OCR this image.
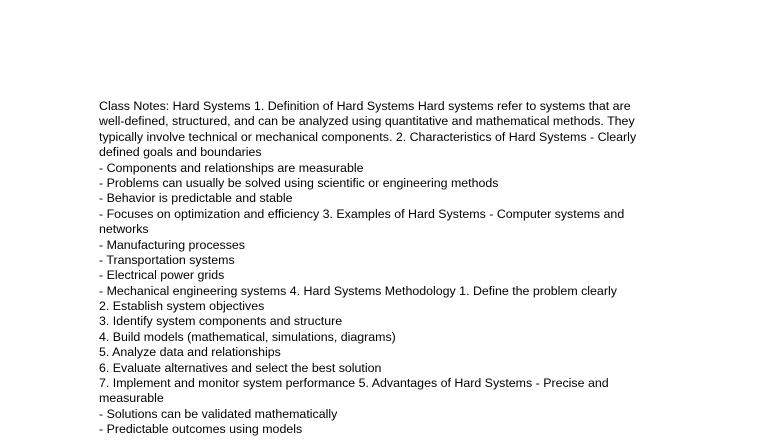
Class Notes: Hard Systems 1. Definition of Hard Systems Hard systems refer to systems that are
well-defined, structured, and can be analyzed using quantitative and mathematical methods. They
typically involve technical or mechanical components. 2. Characteristics of Hard Systems - Clearly
defined goals and boundaries
- Components and relationships are measurable
- Problems can usually be solved using scientific or engineering methods
- Behavior is predictable and stable
- Focuses on optimization and efficiency 3. Examples of Hard Systems - Computer systems and
networks
- Manufacturing processes
- Transportation systems
- Electrical power grids
- Mechanical engineering systems 4. Hard Systems Methodology 1. Define the problem clearly
2. Establish system objectives
3. Identify system components and structure
4. Build models (mathematical, simulations, diagrams)
5. Analyze data and relationships
6. Evaluate alternatives and select the best solution
7. Implement and monitor system performance 5. Advantages of Hard Systems - Precise and
measurable
- Solutions can be validated mathematically
- Predictable outcomes using models
